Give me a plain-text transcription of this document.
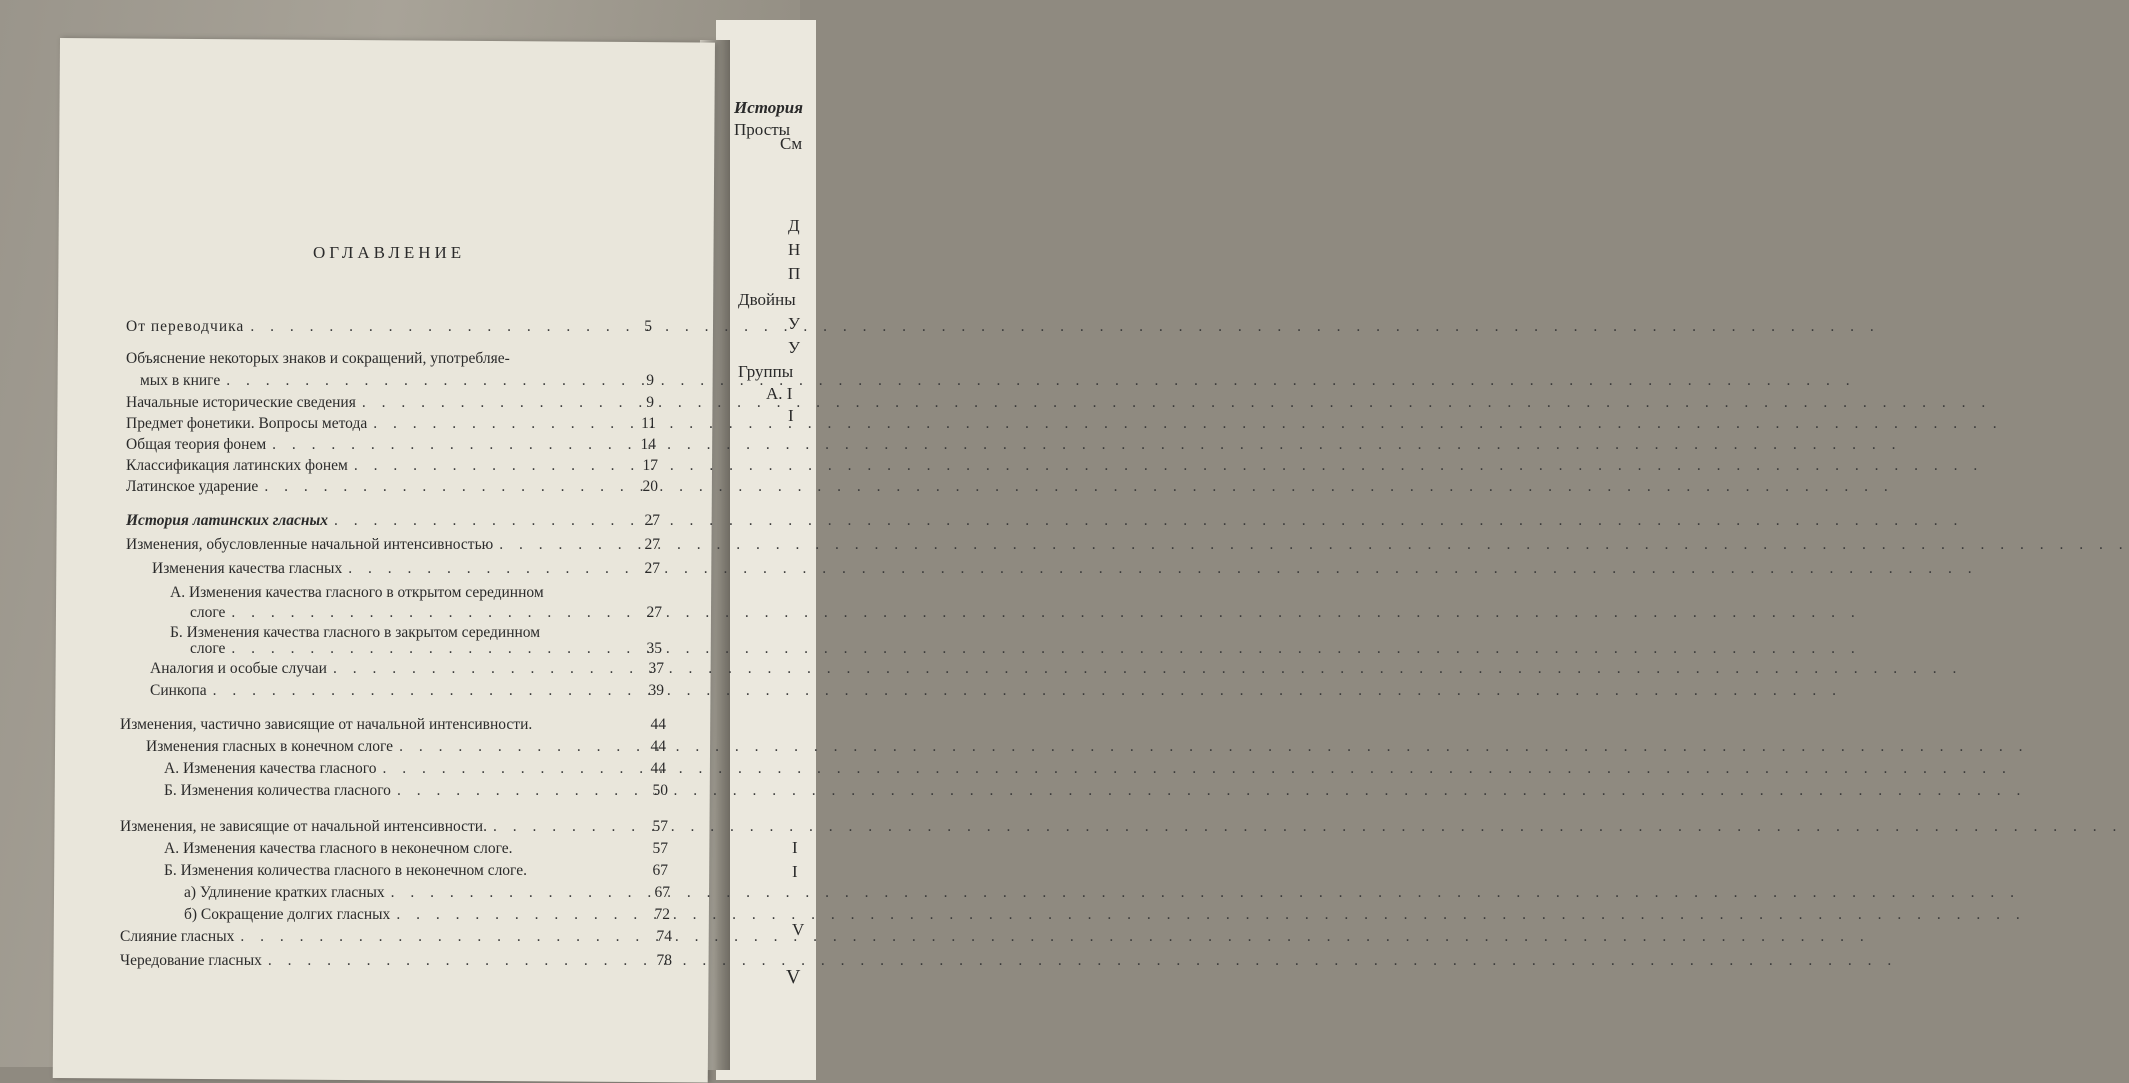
История
Просты
См
Д
Н
П
Двойны
У
У
Группы
А. I
I
I
I
V
V
ОГЛАВЛЕНИЕ
От переводчика . . .	5
Объяснение некоторых знаков и сокращений, употребляе-
мых в книге . . .	9
Начальные исторические сведения . . .	9
Предмет фонетики. Вопросы метода . . .	11
Общая теория фонем . . .	14
Классификация латинских фонем . . .	17
Латинское ударение . . .	20
История латинских гласных . . .	27
Изменения, обусловленные начальной интенсивностью . . .	27
Изменения качества гласных . . .	27
А. Изменения качества гласного в открытом серединном
слоге . . .	27
Б. Изменения качества гласного в закрытом серединном
слоге . . .	35
Аналогия и особые случаи . . .	37
Синкопа . . .	39
Изменения, частично зависящие от начальной интенсивности.	44
Изменения гласных в конечном слоге . . .	44
А. Изменения качества гласного . . .	44
Б. Изменения количества гласного . . .	50
Изменения, не зависящие от начальной интенсивности. . . .	57
А. Изменения качества гласного в неконечном слоге.	57
Б. Изменения количества гласного в неконечном слоге.	67
а) Удлинение кратких гласных . . .	67
б) Сокращение долгих гласных . . .	72
Слияние гласных . . .	74
Чередование гласных . . .	78
